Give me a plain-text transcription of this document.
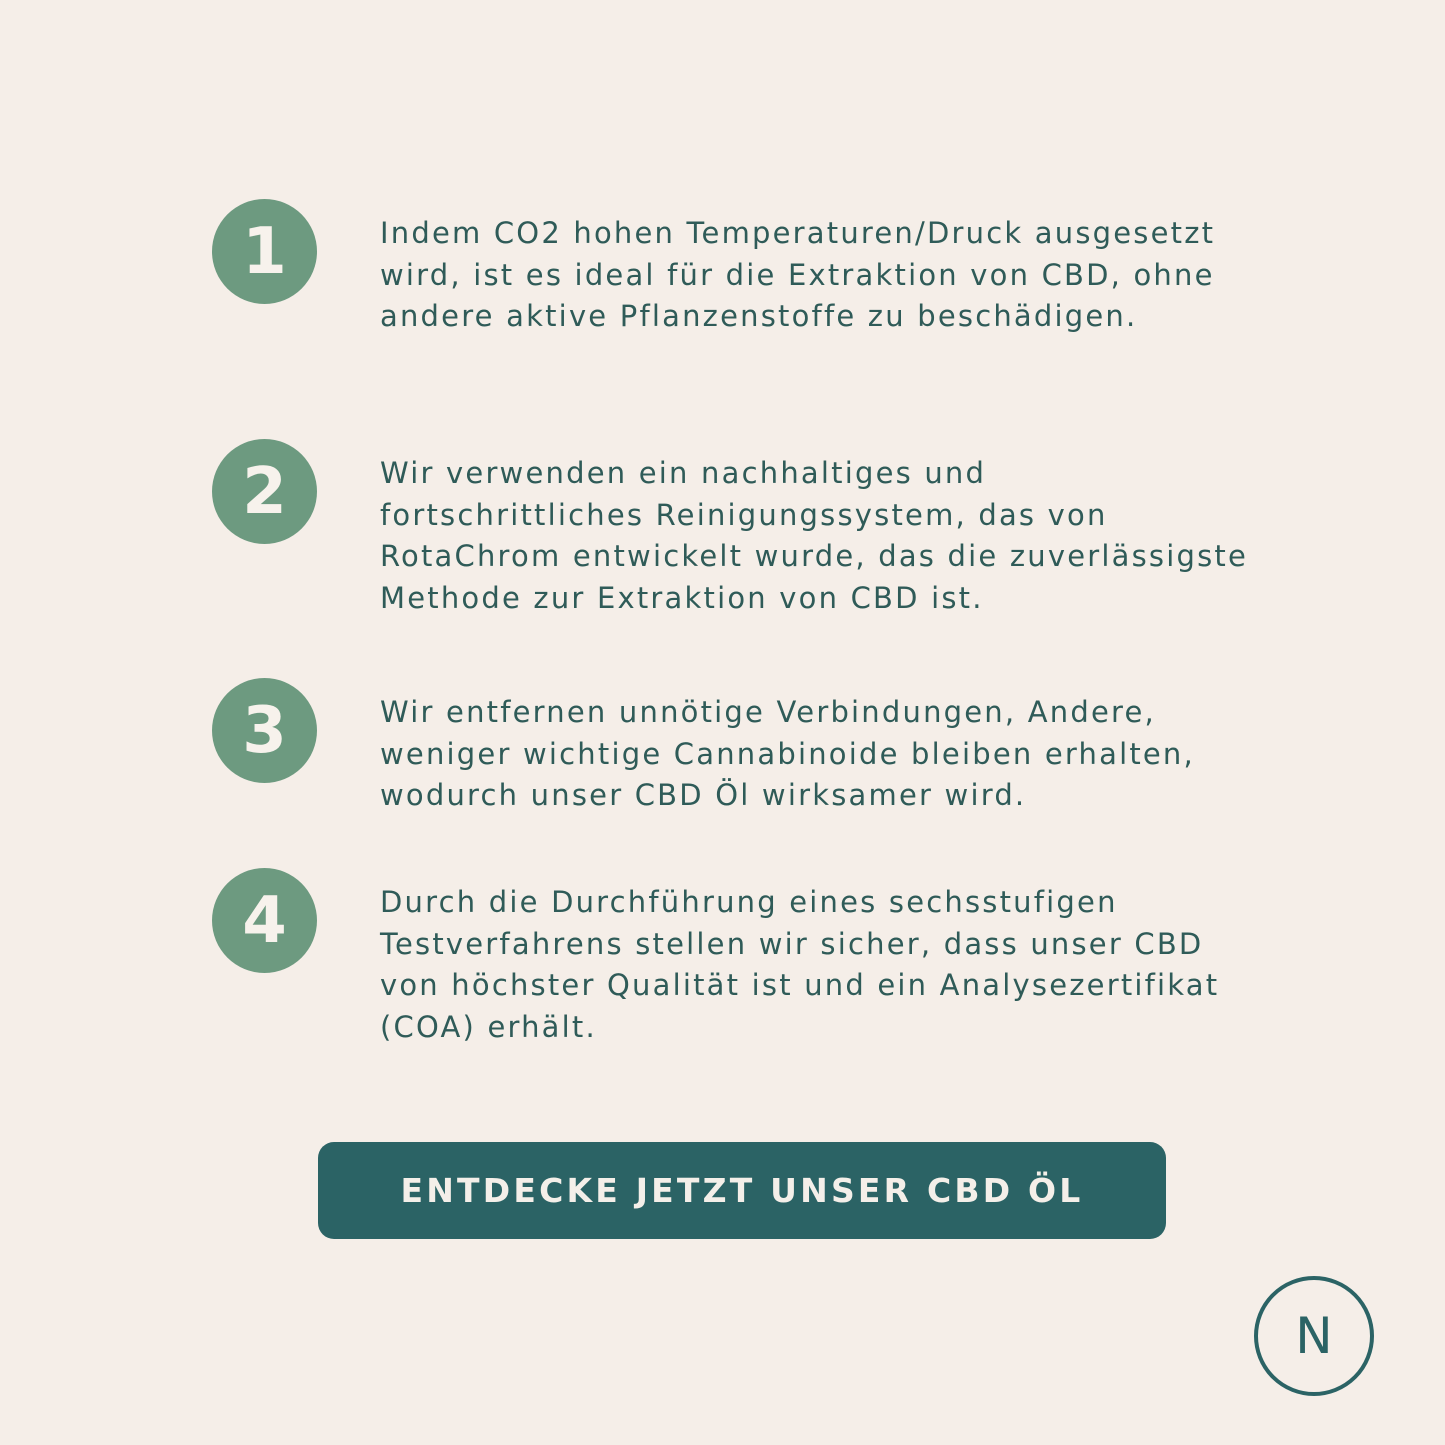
1	Indem CO2 hohen Temperaturen/Druck ausgesetzt wird, ist es ideal für die Extraktion von CBD, ohne andere aktive Pflanzenstoffe zu beschädigen.

2	Wir verwenden ein nachhaltiges und fortschrittliches Reinigungssystem, das von RotaChrom entwickelt wurde, das die zuverlässigste Methode zur Extraktion von CBD ist.

3	Wir entfernen unnötige Verbindungen, Andere, weniger wichtige Cannabinoide bleiben erhalten, wodurch unser CBD Öl wirksamer wird.

4	Durch die Durchführung eines sechsstufigen Testverfahrens stellen wir sicher, dass unser CBD von höchster Qualität ist und ein Analysezertifikat (COA) erhält.

ENTDECKE JETZT UNSER CBD ÖL
N
